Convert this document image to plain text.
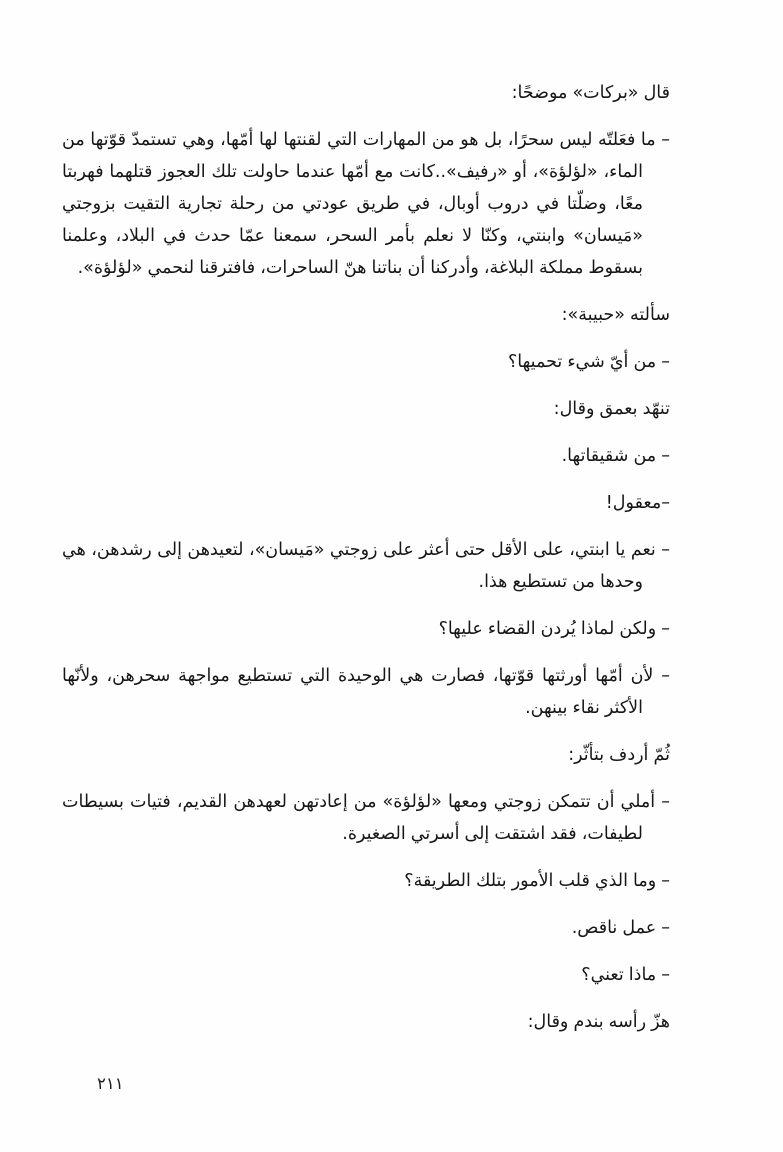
قال «بركات» موضحًا:

– ما فعَلتّه ليس سحرًا، بل هو من المهارات التي لقنتها لها أمّها، وهي تستمدّ قوّتها من الماء، «لؤلؤة»، أو «رفيف»..كانت مع أمّها عندما حاولت تلك العجوز قتلهما فهربتا معًا، وضلّتا في دروب أوبال، في طريق عودتي من رحلة تجارية التقيت بزوجتي «مَيسان» وابنتي، وكنّا لا نعلم بأمر السحر، سمعنا عمّا حدث في البلاد، وعلمنا بسقوط مملكة البلاغة، وأدركنا أن بناتنا هنّ الساحرات، فافترقنا لنحمي «لؤلؤة».

سألته «حبيبة»:

– من أيّ شيء تحميها؟

تنهّد بعمق وقال:

– من شقيقاتها.

–معقول!

– نعم يا ابنتي، على الأقل حتى أعثر على زوجتي «مَيسان»، لتعيدهن إلى رشدهن، هي وحدها من تستطيع هذا.

– ولكن لماذا يُردن القضاء عليها؟

– لأن أمّها أورثتها قوّتها، فصارت هي الوحيدة التي تستطيع مواجهة سحرهن، ولأنّها الأكثر نقاء بينهن.

ثُمّ أردف بتأثّر:

– أملي أن تتمكن زوجتي ومعها «لؤلؤة» من إعادتهن لعهدهن القديم، فتيات بسيطات لطيفات، فقد اشتقت إلى أسرتي الصغيرة.

– وما الذي قلب الأمور بتلك الطريقة؟

– عمل ناقص.

– ماذا تعني؟

هزّ رأسه بندم وقال:

٢١١
